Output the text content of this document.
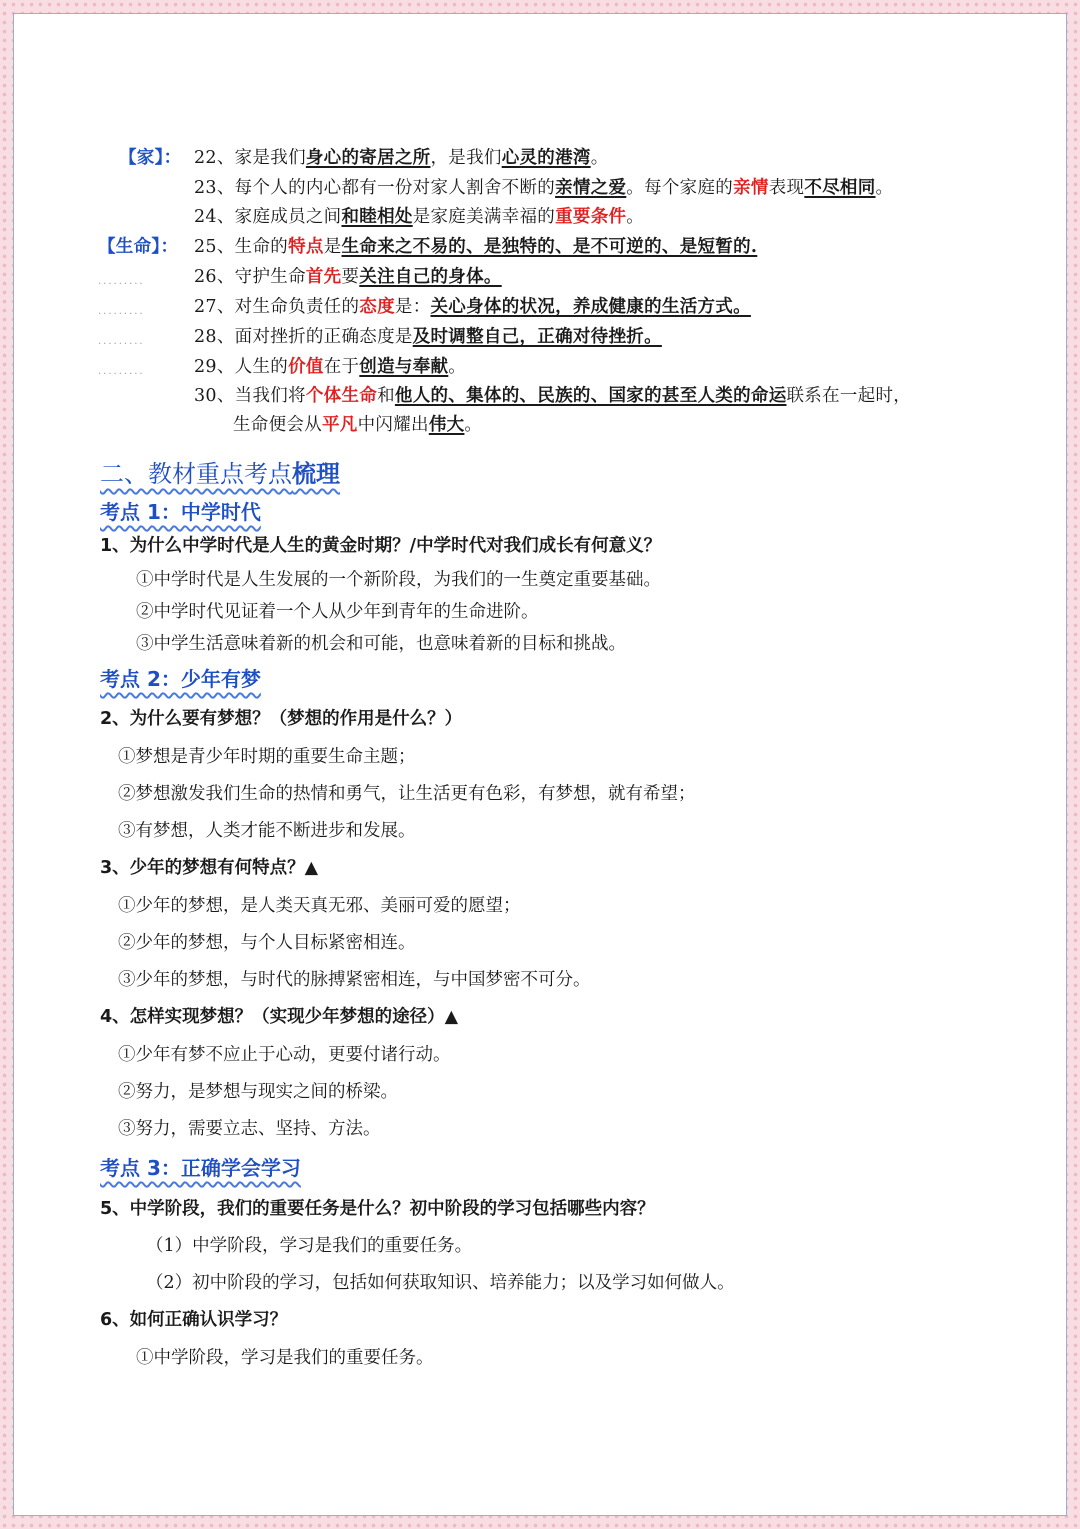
【家】： 22、家是我们身心的寄居之所，是我们心灵的港湾。
23、每个人的内心都有一份对家人割舍不断的亲情之爱。每个家庭的亲情表现不尽相同。
24、家庭成员之间和睦相处是家庭美满幸福的重要条件。
【生命】： 25、生命的特点是生命来之不易的、是独特的、是不可逆的、是短暂的.
.........	26、守护生命首先要关注自己的身体。
.........	27、对生命负责任的态度是：关心身体的状况，养成健康的生活方式。
.........	28、面对挫折的正确态度是及时调整自己，正确对待挫折。
.........	29、人生的价值在于创造与奉献。
30、当我们将个体生命和他人的、集体的、民族的、国家的甚至人类的命运联系在一起时，
生命便会从平凡中闪耀出伟大。
二、教材重点考点梳理
考点 1：中学时代
1、为什么中学时代是人生的黄金时期？/中学时代对我们成长有何意义？
①中学时代是人生发展的一个新阶段，为我们的一生奠定重要基础。
②中学时代见证着一个人从少年到青年的生命进阶。
③中学生活意味着新的机会和可能，也意味着新的目标和挑战。
考点 2：少年有梦
2、为什么要有梦想？（梦想的作用是什么？）
①梦想是青少年时期的重要生命主题；
②梦想激发我们生命的热情和勇气，让生活更有色彩，有梦想，就有希望；
③有梦想，人类才能不断进步和发展。
3、少年的梦想有何特点？▲
①少年的梦想，是人类天真无邪、美丽可爱的愿望；
②少年的梦想，与个人目标紧密相连。
③少年的梦想，与时代的脉搏紧密相连，与中国梦密不可分。
4、怎样实现梦想？（实现少年梦想的途径）▲
①少年有梦不应止于心动，更要付诸行动。
②努力，是梦想与现实之间的桥梁。
③努力，需要立志、坚持、方法。
考点 3：正确学会学习
5、中学阶段，我们的重要任务是什么？初中阶段的学习包括哪些内容？
（1）中学阶段，学习是我们的重要任务。
（2）初中阶段的学习，包括如何获取知识、培养能力；以及学习如何做人。
6、如何正确认识学习？
①中学阶段，学习是我们的重要任务。
